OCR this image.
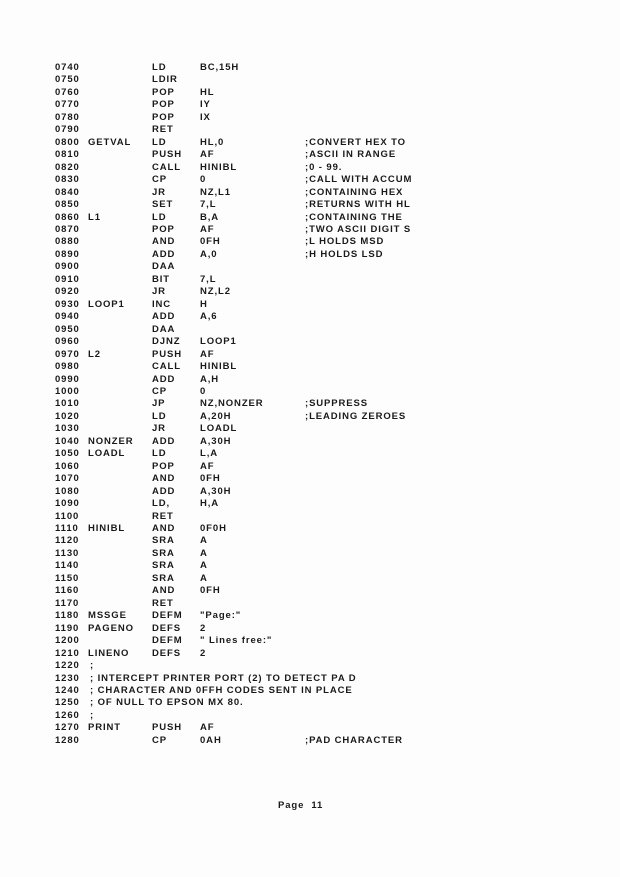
0740	LD	BC,15H
0750	LDIR
0760	POP	HL
0770	POP	IY
0780	POP	IX
0790	RET
0800 GETVAL LD	HL,0	;CONVERT HEX TO
0810	PUSH AF	;ASCII IN RANGE
0820	CALL HINIBL	;0 - 99.
0830	CP	0	;CALL WITH ACCUM
0840	JR	NZ,L1	;CONTAINING HEX
0850	SET	7,L	;RETURNS WITH HL
0860 L1	LD	B,A	;CONTAINING THE
0870	POP	AF	;TWO ASCII DIGIT S
0880	AND	0FH	;L HOLDS MSD
0890	ADD	A,0	;H HOLDS LSD
0900	DAA
0910	BIT	7,L
0920	JR	NZ,L2
0930 LOOP1	INC	H
0940	ADD	A,6
0950	DAA
0960	DJNZ LOOP1
0970 L2	PUSH AF
0980	CALL HINIBL
0990	ADD	A,H
1000	CP	0
1010	JP	NZ,NONZER	;SUPPRESS
1020	LD	A,20H	;LEADING ZEROES
1030	JR	LOADL
1040 NONZER ADD	A,30H
1050 LOADL	LD	L,A
1060	POP	AF
1070	AND	0FH
1080	ADD	A,30H
1090	LD,	H,A
1100	RET
1110 HINIBL	AND	0F0H
1120	SRA	A
1130	SRA	A
1140	SRA	A
1150	SRA	A
1160	AND	0FH
1170	RET
1180 MSSGE	DEFM "Page:"
1190 PAGENO DEFS 2
1200	DEFM " Lines free:"
1210 LINENO DEFS 2
1220 ;
1230 ; INTERCEPT PRINTER PORT (2) TO DETECT PA D
1240 ; CHARACTER AND 0FFH CODES SENT IN PLACE
1250 ; OF NULL TO EPSON MX 80.
1260 ;
1270 PRINT	PUSH AF
1280	CP	0AH	;PAD CHARACTER
Page  11
